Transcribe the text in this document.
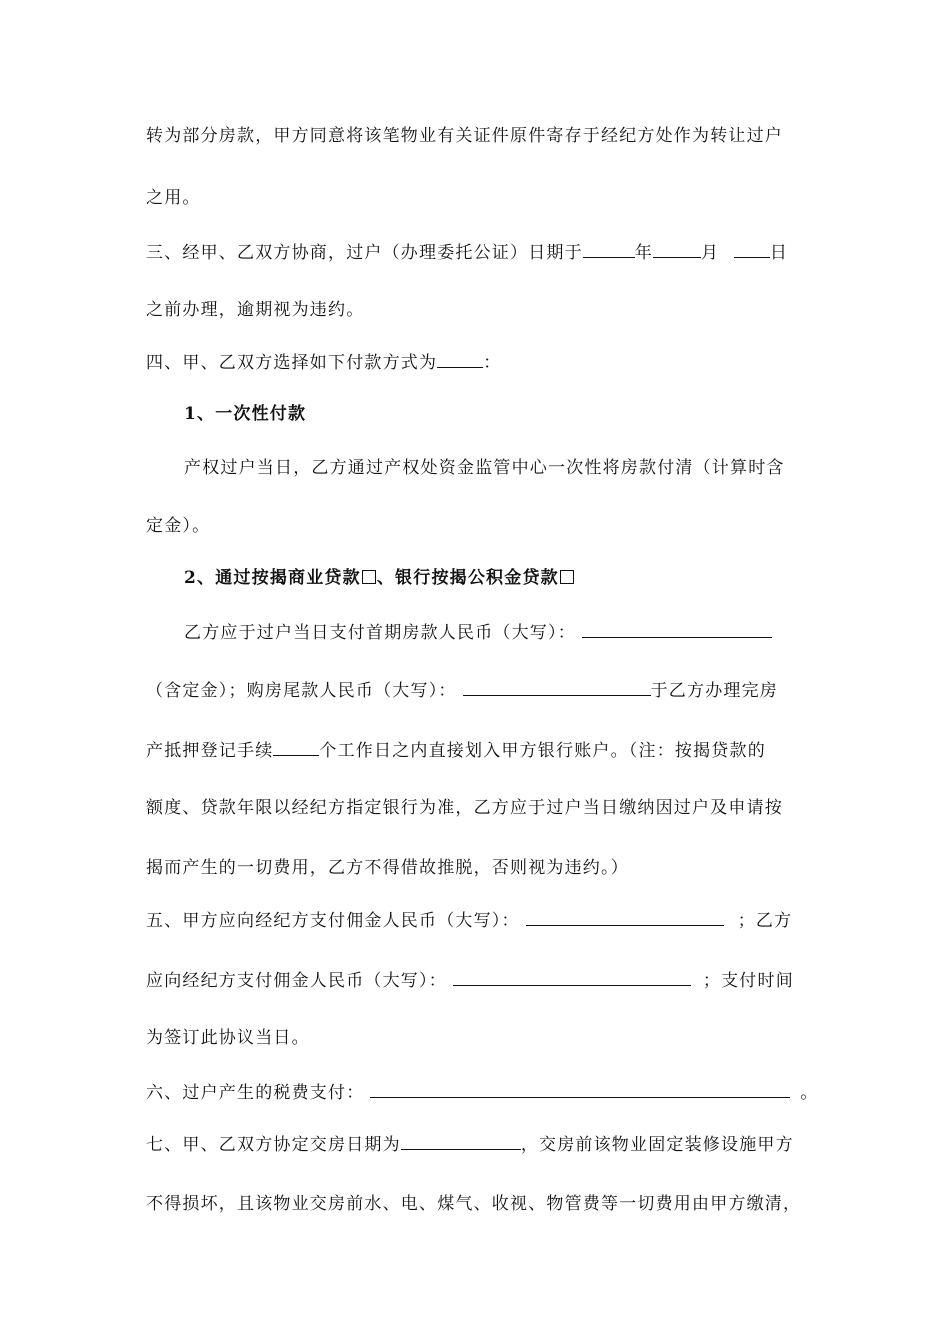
转为部分房款，甲方同意将该笔物业有关证件原件寄存于经纪方处作为转让过户
之用。
三、经甲、乙双方协商，过户（办理委托公证）日期于	年	月	日
之前办理，逾期视为违约。
四、甲、乙双方选择如下付款方式为	：
1、一次性付款
产权过户当日，乙方通过产权处资金监管中心一次性将房款付清（计算时含
定金）。
2、通过按揭商业贷款 、银行按揭公积金贷款
乙方应于过户当日支付首期房款人民币（大写）：
（含定金）；购房尾款人民币（大写）：	于乙方办理完房
产抵押登记手续	个工作日之内直接划入甲方银行账户。（注：按揭贷款的
额度、贷款年限以经纪方指定银行为准，乙方应于过户当日缴纳因过户及申请按
揭而产生的一切费用，乙方不得借故推脱，否则视为违约。）
五、甲方应向经纪方支付佣金人民币（大写）：	；乙方
应向经纪方支付佣金人民币（大写）：	；支付时间
为签订此协议当日。
六、过户产生的税费支付：	。
七、甲、乙双方协定交房日期为	，交房前该物业固定装修设施甲方
不得损坏，且该物业交房前水、电、煤气、收视、物管费等一切费用由甲方缴清，
